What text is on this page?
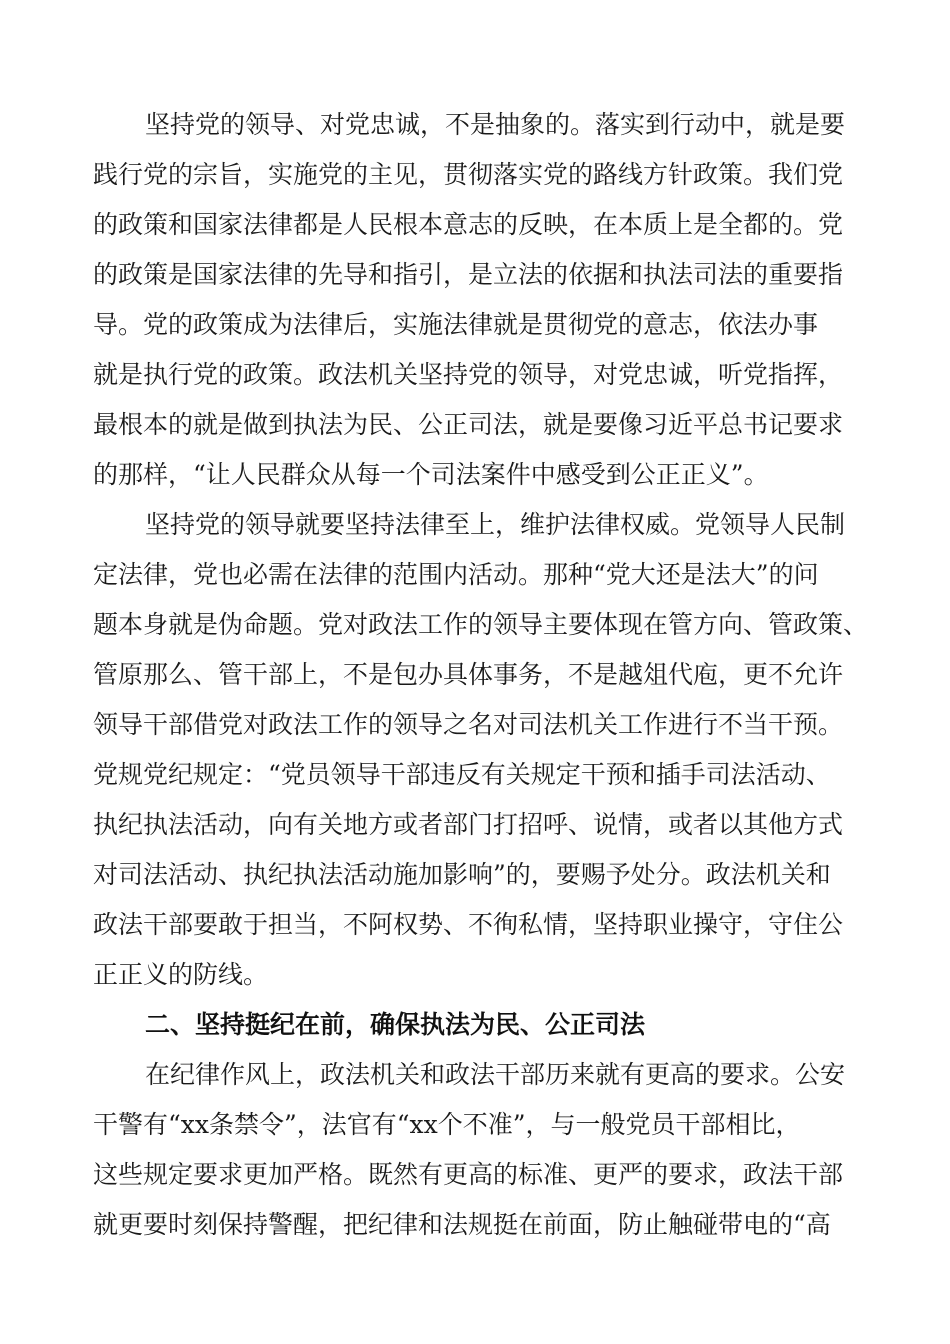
坚持党的领导、对党忠诚，不是抽象的。落实到行动中，就是要
践行党的宗旨，实施党的主见，贯彻落实党的路线方针政策。我们党
的政策和国家法律都是人民根本意志的反映，在本质上是全都的。党
的政策是国家法律的先导和指引，是立法的依据和执法司法的重要指
导。党的政策成为法律后，实施法律就是贯彻党的意志，依法办事
就是执行党的政策。政法机关坚持党的领导，对党忠诚，听党指挥，
最根本的就是做到执法为民、公正司法，就是要像习近平总书记要求
的那样，“让人民群众从每一个司法案件中感受到公正正义”。
坚持党的领导就要坚持法律至上，维护法律权威。党领导人民制
定法律，党也必需在法律的范围内活动。那种“党大还是法大”的问
题本身就是伪命题。党对政法工作的领导主要体现在管方向、管政策、
管原那么、管干部上，不是包办具体事务，不是越俎代庖，更不允许
领导干部借党对政法工作的领导之名对司法机关工作进行不当干预。
党规党纪规定：“党员领导干部违反有关规定干预和插手司法活动、
执纪执法活动，向有关地方或者部门打招呼、说情，或者以其他方式
对司法活动、执纪执法活动施加影响”的，要赐予处分。政法机关和
政法干部要敢于担当，不阿权势、不徇私情，坚持职业操守，守住公
正正义的防线。
二、坚持挺纪在前，确保执法为民、公正司法
在纪律作风上，政法机关和政法干部历来就有更高的要求。公安
干警有“xx条禁令”，法官有“xx个不准”，与一般党员干部相比，
这些规定要求更加严格。既然有更高的标准、更严的要求，政法干部
就更要时刻保持警醒，把纪律和法规挺在前面，防止触碰带电的“高
